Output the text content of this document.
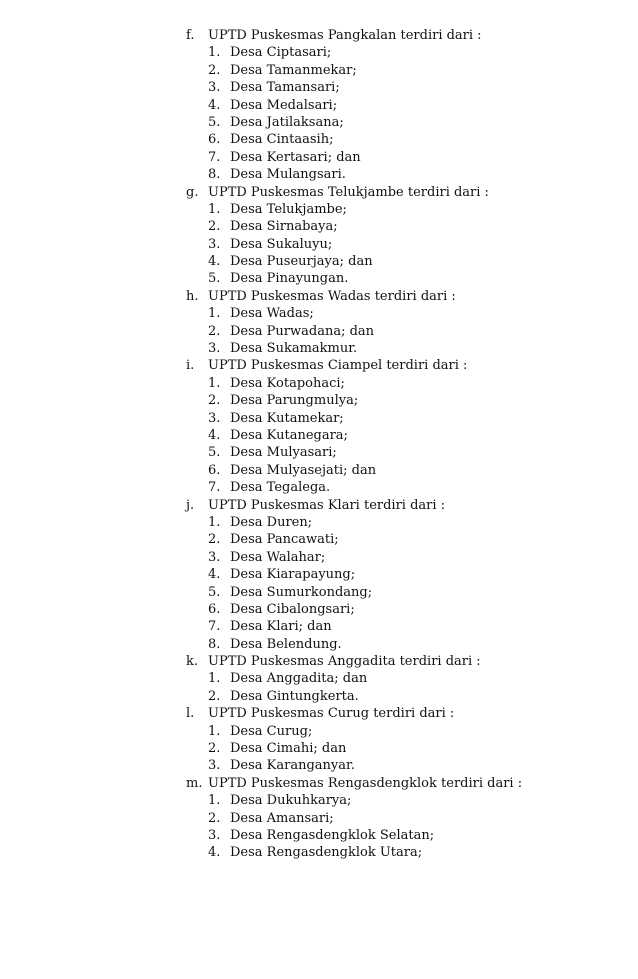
f. UPTD Puskesmas Pangkalan terdiri dari :
1. Desa Ciptasari;
2. Desa Tamanmekar;
3. Desa Tamansari;
4. Desa Medalsari;
5. Desa Jatilaksana;
6. Desa Cintaasih;
7. Desa Kertasari; dan
8. Desa Mulangsari.
g. UPTD Puskesmas Telukjambe terdiri dari :
1. Desa Telukjambe;
2. Desa Sirnabaya;
3. Desa Sukaluyu;
4. Desa Puseurjaya; dan
5. Desa Pinayungan.
h. UPTD Puskesmas Wadas terdiri dari :
1. Desa Wadas;
2. Desa Purwadana; dan
3. Desa Sukamakmur.
i. UPTD Puskesmas Ciampel terdiri dari :
1. Desa Kotapohaci;
2. Desa Parungmulya;
3. Desa Kutamekar;
4. Desa Kutanegara;
5. Desa Mulyasari;
6. Desa Mulyasejati; dan
7. Desa Tegalega.
j. UPTD Puskesmas Klari terdiri dari :
1. Desa Duren;
2. Desa Pancawati;
3. Desa Walahar;
4. Desa Kiarapayung;
5. Desa Sumurkondang;
6. Desa Cibalongsari;
7. Desa Klari; dan
8. Desa Belendung.
k. UPTD Puskesmas Anggadita terdiri dari :
1. Desa Anggadita; dan
2. Desa Gintungkerta.
l. UPTD Puskesmas Curug terdiri dari :
1. Desa Curug;
2. Desa Cimahi; dan
3. Desa Karanganyar.
m. UPTD Puskesmas Rengasdengklok terdiri dari :
1. Desa Dukuhkarya;
2. Desa Amansari;
3. Desa Rengasdengklok Selatan;
4. Desa Rengasdengklok Utara;
